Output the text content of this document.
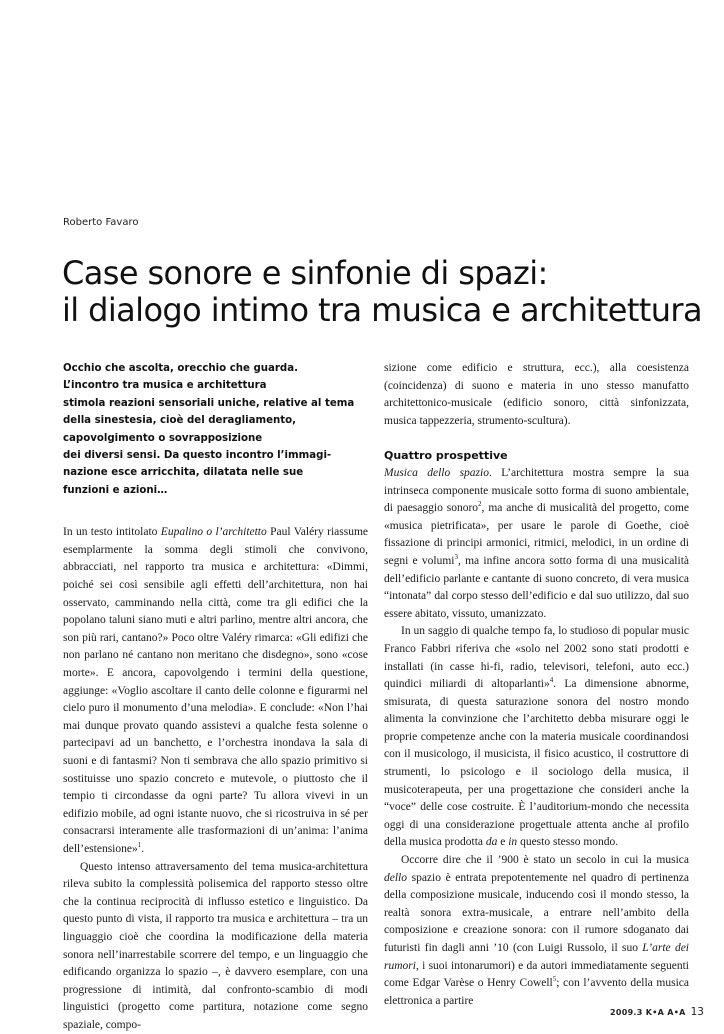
Roberto Favaro
Case sonore e sinfonie di spazi:
il dialogo intimo tra musica e architettura
Occhio che ascolta, orecchio che guarda.
L’incontro tra musica e architettura
stimola reazioni sensoriali uniche, relative al tema
della sinestesia, cioè del deragliamento,
capovolgimento o sovrapposizione
dei diversi sensi. Da questo incontro l’immagi-
nazione esce arricchita, dilatata nelle sue
funzioni e azioni…

In un testo intitolato Eupalino o l’architetto Paul Valéry riassume esemplarmente la somma degli stimoli che convivono, abbracciati, nel rapporto tra musica e architettura: «Dimmi, poiché sei così sensibile agli effetti dell’architettura, non hai osservato, camminando nella città, come tra gli edifici che la popolano taluni siano muti e altri parlino, mentre altri ancora, che son più rari, cantano?» Poco oltre Valéry rimarca: «Gli edifizi che non parlano né cantano non meritano che disdegno», sono «cose morte». E ancora, capovolgendo i termini della questione, aggiunge: «Voglio ascoltare il canto delle colonne e figurarmi nel cielo puro il monumento d’una melodia». E conclude: «Non l’hai mai dunque provato quando assistevi a qualche festa solenne o partecipavi ad un banchetto, e l’orchestra inondava la sala di suoni e di fantasmi? Non ti sembrava che allo spazio primitivo si sostituisse uno spazio concreto e mutevole, o piuttosto che il tempio ti circondasse da ogni parte? Tu allora vivevi in un edifizio mobile, ad ogni istante nuovo, che si ricostruiva in sé per consacrarsi interamente alle trasformazioni di un’anima: l’anima dell’estensione»$^1$.

Questo intenso attraversamento del tema musica-architettura rileva subito la complessità polisemica del rapporto stesso oltre che la continua reciprocità di influsso estetico e linguistico. Da questo punto di vista, il rapporto tra musica e architettura – tra un linguaggio cioè che coordina la modificazione della materia sonora nell’inarrestabile scorrere del tempo, e un linguaggio che edificando organizza lo spazio –, è davvero esemplare, con una progressione di intimità, dal confronto-scambio di modi linguistici (progetto come partitura, notazione come segno spaziale, compo-

sizione come edificio e struttura, ecc.), alla coesistenza (coincidenza) di suono e materia in uno stesso manufatto architettonico-musicale (edificio sonoro, città sinfonizzata, musica tappezzeria, strumento-scultura).

Quattro prospettive

Musica dello spazio. L’architettura mostra sempre la sua intrinseca componente musicale sotto forma di suono ambientale, di paesaggio sonoro$^2$, ma anche di musicalità del progetto, come «musica pietrificata», per usare le parole di Goethe, cioè fissazione di principi armonici, ritmici, melodici, in un ordine di segni e volumi$^3$, ma infine ancora sotto forma di una musicalità dell’edificio parlante e cantante di suono concreto, di vera musica “intonata” dal corpo stesso dell’edificio e dal suo utilizzo, dal suo essere abitato, vissuto, umanizzato.

In un saggio di qualche tempo fa, lo studioso di popular music Franco Fabbri riferiva che «solo nel 2002 sono stati prodotti e installati (in casse hi-fi, radio, televisori, telefoni, auto ecc.) quindici miliardi di altoparlanti»$^4$. La dimensione abnorme, smisurata, di questa saturazione sonora del nostro mondo alimenta la convinzione che l’architetto debba misurare oggi le proprie competenze anche con la materia musicale coordinandosi con il musicologo, il musicista, il fisico acustico, il costruttore di strumenti, lo psicologo e il sociologo della musica, il musicoterapeuta, per una progettazione che consideri anche la “voce” delle cose costruite. È l’auditorium-mondo che necessita oggi di una considerazione progettuale attenta anche al profilo della musica prodotta da e in questo stesso mondo.

Occorre dire che il ’900 è stato un secolo in cui la musica dello spazio è entrata prepotentemente nel quadro di pertinenza della composizione musicale, inducendo così il mondo stesso, la realtà sonora extra-musicale, a entrare nell’ambito della composizione e creazione sonora: con il rumore sdoganato dai futuristi fin dagli anni ’10 (con Luigi Russolo, il suo L’arte dei rumori, i suoi intonarumori) e da autori immediatamente seguenti come Edgar Varèse o Henry Cowell$^5$; con l’avvento della musica elettronica a partire

2009.3 K•A A•A 13
